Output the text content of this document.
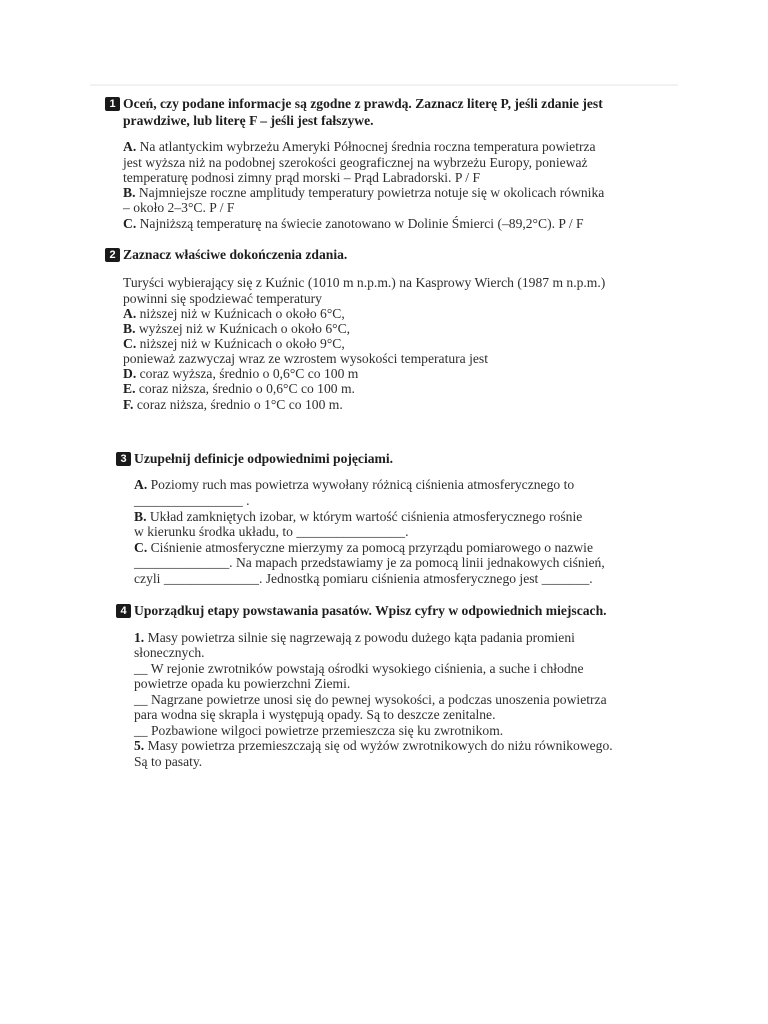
1 Oceń, czy podane informacje są zgodne z prawdą. Zaznacz literę P, jeśli zdanie jest
prawdziwe, lub literę F – jeśli jest fałszywe.
A. Na atlantyckim wybrzeżu Ameryki Północnej średnia roczna temperatura powietrza
jest wyższa niż na podobnej szerokości geograficznej na wybrzeżu Europy, ponieważ
temperaturę podnosi zimny prąd morski – Prąd Labradorski. P / F
B. Najmniejsze roczne amplitudy temperatury powietrza notuje się w okolicach równika
– około 2–3°C. P / F
C. Najniższą temperaturę na świecie zanotowano w Dolinie Śmierci (–89,2°C). P / F
2 Zaznacz właściwe dokończenia zdania.
Turyści wybierający się z Kuźnic (1010 m n.p.m.) na Kasprowy Wierch (1987 m n.p.m.)
powinni się spodziewać temperatury
A. niższej niż w Kuźnicach o około 6°C,
B. wyższej niż w Kuźnicach o około 6°C,
C. niższej niż w Kuźnicach o około 9°C,
ponieważ zazwyczaj wraz ze wzrostem wysokości temperatura jest
D. coraz wyższa, średnio o 0,6°C co 100 m
E. coraz niższa, średnio o 0,6°C co 100 m.
F. coraz niższa, średnio o 1°C co 100 m.
3 Uzupełnij definicje odpowiednimi pojęciami.
A. Poziomy ruch mas powietrza wywołany różnicą ciśnienia atmosferycznego to
________________ .
B. Układ zamkniętych izobar, w którym wartość ciśnienia atmosferycznego rośnie
w kierunku środka układu, to ________________.
C. Ciśnienie atmosferyczne mierzymy za pomocą przyrządu pomiarowego o nazwie
______________. Na mapach przedstawiamy je za pomocą linii jednakowych ciśnień,
czyli ______________. Jednostką pomiaru ciśnienia atmosferycznego jest _______.
4 Uporządkuj etapy powstawania pasatów. Wpisz cyfry w odpowiednich miejscach.
1. Masy powietrza silnie się nagrzewają z powodu dużego kąta padania promieni
słonecznych.
__ W rejonie zwrotników powstają ośrodki wysokiego ciśnienia, a suche i chłodne
powietrze opada ku powierzchni Ziemi.
__ Nagrzane powietrze unosi się do pewnej wysokości, a podczas unoszenia powietrza
para wodna się skrapla i występują opady. Są to deszcze zenitalne.
__ Pozbawione wilgoci powietrze przemieszcza się ku zwrotnikom.
5. Masy powietrza przemieszczają się od wyżów zwrotnikowych do niżu równikowego.
Są to pasaty.
